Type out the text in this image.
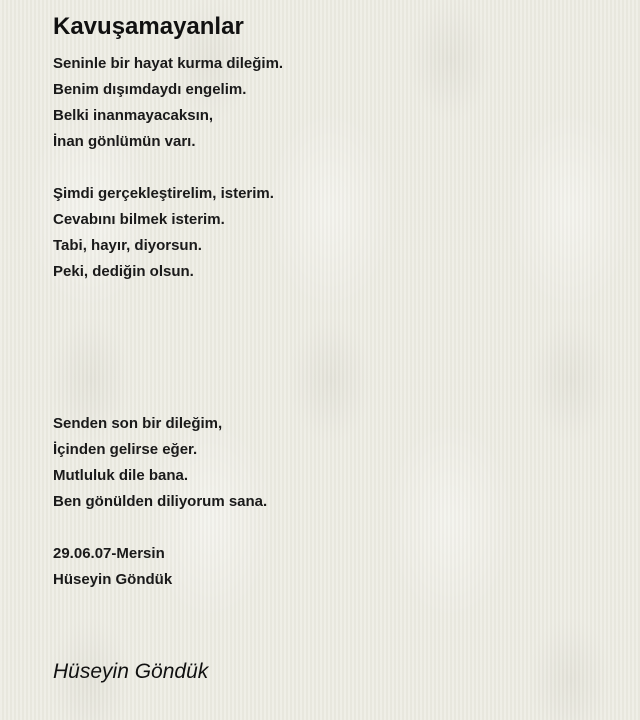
Kavuşamayanlar
Seninle bir hayat kurma dileğim.
Benim dışımdaydı engelim.
Belki inanmayacaksın,
İnan gönlümün varı.
Şimdi gerçekleştirelim, isterim.
Cevabını bilmek isterim.
Tabi, hayır, diyorsun.
Peki, dediğin olsun.
Senden son bir dileğim,
İçinden gelirse eğer.
Mutluluk dile bana.
Ben gönülden diliyorum sana.
29.06.07-Mersin
Hüseyin Göndük
Hüseyin Göndük
